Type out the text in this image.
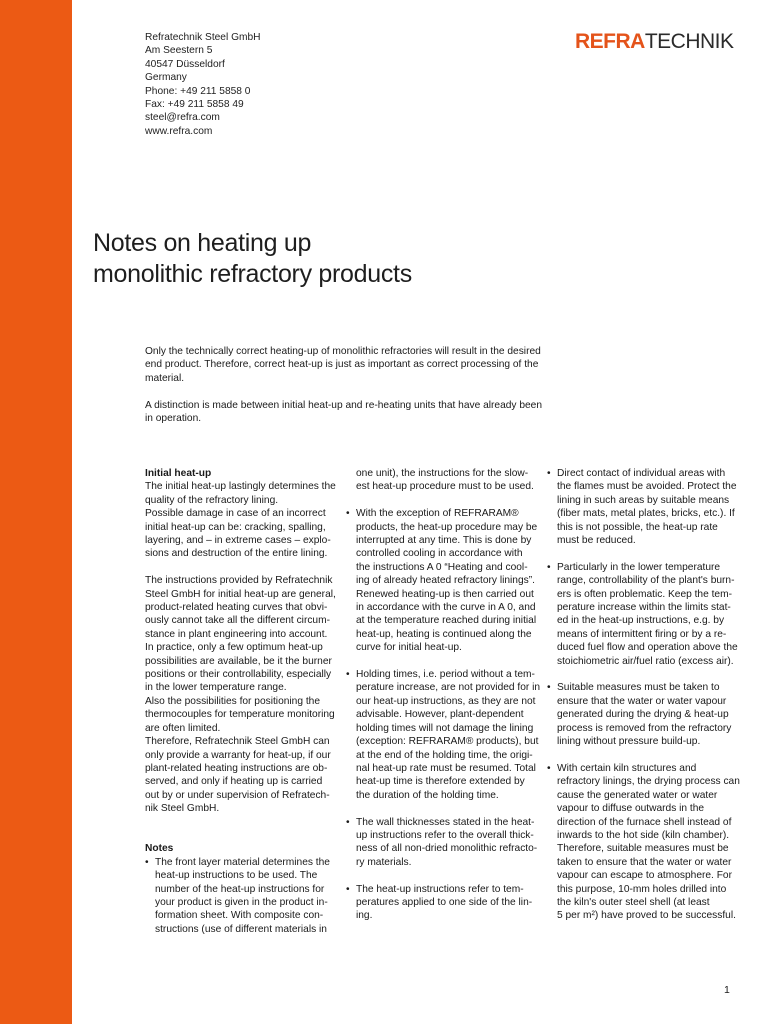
Refratechnik Steel GmbH
Am Seestern 5
40547 Düsseldorf
Germany
Phone: +49 211 5858 0
Fax: +49 211 5858 49
steel@refra.com
www.refra.com
REFRATECHNIK
Notes on heating up
monolithic refractory products

Only the technically correct heating-up of monolithic refractories will result in the desired end product. Therefore, correct heat-up is just as important as correct processing of the material.

A distinction is made between initial heat-up and re-heating units that have already been in operation.

Initial heat-up
The initial heat-up lastingly determines the
quality of the refractory lining.
Possible damage in case of an incorrect
initial heat-up can be: cracking, spalling,
layering, and – in extreme cases – explo-
sions and destruction of the entire lining.
The instructions provided by Refratechnik
Steel GmbH for initial heat-up are general,
product-related heating curves that obvi-
ously cannot take all the different circum-
stance in plant engineering into account.
In practice, only a few optimum heat-up
possibilities are available, be it the burner
positions or their controllability, especially
in the lower temperature range.
Also the possibilities for positioning the
thermocouples for temperature monitoring
are often limited.
Therefore, Refratechnik Steel GmbH can
only provide a warranty for heat-up, if our
plant-related heating instructions are ob-
served, and only if heating up is carried
out by or under supervision of Refratech-
nik Steel GmbH.
Notes
• The front layer material determines the
heat-up instructions to be used. The
number of the heat-up instructions for
your product is given in the product in-
formation sheet. With composite con-
structions (use of different materials in
one unit), the instructions for the slow-
est heat-up procedure must to be used.
• With the exception of REFRARAM®
products, the heat-up procedure may be
interrupted at any time. This is done by
controlled cooling in accordance with
the instructions A 0 “Heating and cool-
ing of already heated refractory linings”.
Renewed heating-up is then carried out
in accordance with the curve in A 0, and
at the temperature reached during initial
heat-up, heating is continued along the
curve for initial heat-up.
• Holding times, i.e. period without a tem-
perature increase, are not provided for in
our heat-up instructions, as they are not
advisable. However, plant-dependent
holding times will not damage the lining
(exception: REFRARAM® products), but
at the end of the holding time, the origi-
nal heat-up rate must be resumed. Total
heat-up time is therefore extended by
the duration of the holding time.
• The wall thicknesses stated in the heat-
up instructions refer to the overall thick-
ness of all non-dried monolithic refracto-
ry materials.
• The heat-up instructions refer to tem-
peratures applied to one side of the lin-
ing.
• Direct contact of individual areas with
the flames must be avoided. Protect the
lining in such areas by suitable means
(fiber mats, metal plates, bricks, etc.). If
this is not possible, the heat-up rate
must be reduced.
• Particularly in the lower temperature
range, controllability of the plant's burn-
ers is often problematic. Keep the tem-
perature increase within the limits stat-
ed in the heat-up instructions, e.g. by
means of intermittent firing or by a re-
duced fuel flow and operation above the
stoichiometric air/fuel ratio (excess air).
• Suitable measures must be taken to
ensure that the water or water vapour
generated during the drying & heat-up
process is removed from the refractory
lining without pressure build-up.
• With certain kiln structures and
refractory linings, the drying process can
cause the generated water or water
vapour to diffuse outwards in the
direction of the furnace shell instead of
inwards to the hot side (kiln chamber).
Therefore, suitable measures must be
taken to ensure that the water or water
vapour can escape to atmosphere. For
this purpose, 10-mm holes drilled into
the kiln's outer steel shell (at least
5 per m²) have proved to be successful.
1
